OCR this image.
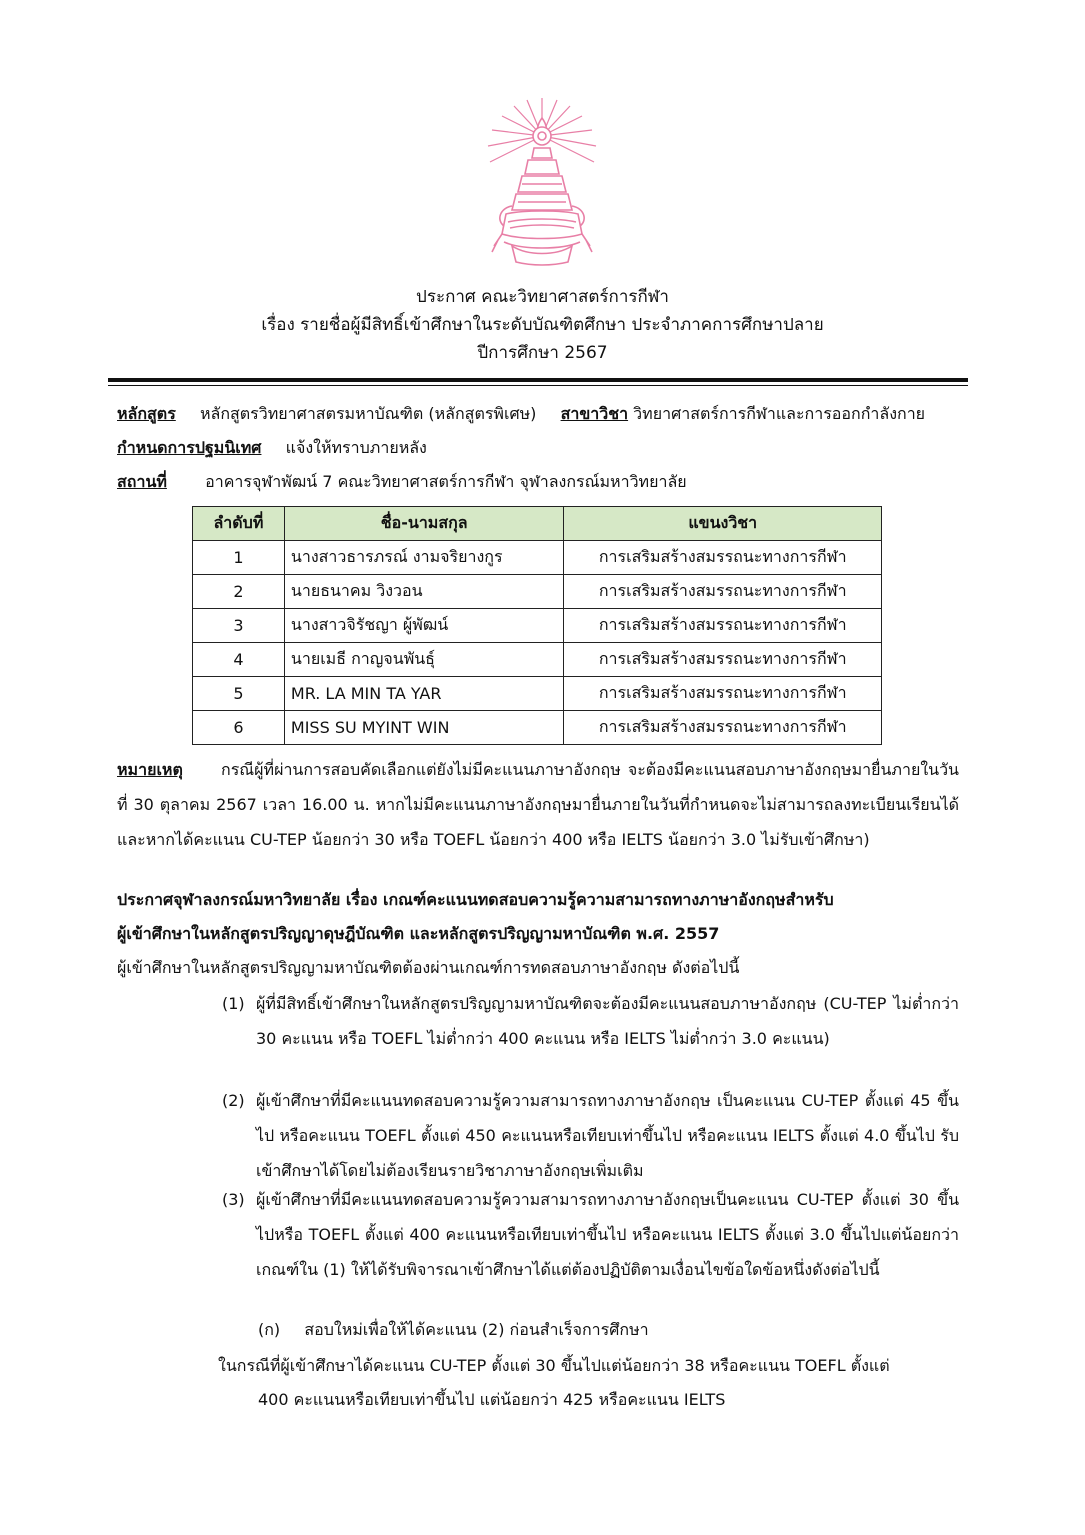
ประกาศ คณะวิทยาศาสตร์การกีฬา
เรื่อง รายชื่อผู้มีสิทธิ์เข้าศึกษาในระดับบัณฑิตศึกษา ประจำภาคการศึกษาปลาย
ปีการศึกษา 2567
หลักสูตร หลักสูตรวิทยาศาสตรมหาบัณฑิต (หลักสูตรพิเศษ) สาขาวิชา วิทยาศาสตร์การกีฬาและการออกกำลังกาย
กำหนดการปฐมนิเทศ แจ้งให้ทราบภายหลัง
สถานที่ อาคารจุฬาพัฒน์ 7 คณะวิทยาศาสตร์การกีฬา จุฬาลงกรณ์มหาวิทยาลัย
ลำดับที่	ชื่อ-นามสกุล	แขนงวิชา
1	นางสาวธารภรณ์ งามจริยางกูร	การเสริมสร้างสมรรถนะทางการกีฬา
2	นายธนาคม วิงวอน	การเสริมสร้างสมรรถนะทางการกีฬา
3	นางสาวจิรัชญา ผู้พัฒน์	การเสริมสร้างสมรรถนะทางการกีฬา
4	นายเมธี กาญจนพันธุ์	การเสริมสร้างสมรรถนะทางการกีฬา
5	MR. LA MIN TA YAR	การเสริมสร้างสมรรถนะทางการกีฬา
6	MISS SU MYINT WIN	การเสริมสร้างสมรรถนะทางการกีฬา
หมายเหตุ กรณีผู้ที่ผ่านการสอบคัดเลือกแต่ยังไม่มีคะแนนภาษาอังกฤษ จะต้องมีคะแนนสอบภาษาอังกฤษมายื่นภายในวันที่ 30 ตุลาคม 2567 เวลา 16.00 น. หากไม่มีคะแนนภาษาอังกฤษมายื่นภายในวันที่กำหนดจะไม่สามารถลงทะเบียนเรียนได้ และหากได้คะแนน CU-TEP น้อยกว่า 30 หรือ TOEFL น้อยกว่า 400 หรือ IELTS น้อยกว่า 3.0 ไม่รับเข้าศึกษา)
ประกาศจุฬาลงกรณ์มหาวิทยาลัย เรื่อง เกณฑ์คะแนนทดสอบความรู้ความสามารถทางภาษาอังกฤษสำหรับ
ผู้เข้าศึกษาในหลักสูตรปริญญาดุษฎีบัณฑิต และหลักสูตรปริญญามหาบัณฑิต พ.ศ. 2557
ผู้เข้าศึกษาในหลักสูตรปริญญามหาบัณฑิตต้องผ่านเกณฑ์การทดสอบภาษาอังกฤษ ดังต่อไปนี้
(1) ผู้ที่มีสิทธิ์เข้าศึกษาในหลักสูตรปริญญามหาบัณฑิตจะต้องมีคะแนนสอบภาษาอังกฤษ (CU-TEP ไม่ต่ำกว่า 30 คะแนน หรือ TOEFL ไม่ต่ำกว่า 400 คะแนน หรือ IELTS ไม่ต่ำกว่า 3.0 คะแนน)
(2) ผู้เข้าศึกษาที่มีคะแนนทดสอบความรู้ความสามารถทางภาษาอังกฤษ เป็นคะแนน CU-TEP ตั้งแต่ 45 ขึ้นไป หรือคะแนน TOEFL ตั้งแต่ 450 คะแนนหรือเทียบเท่าขึ้นไป หรือคะแนน IELTS ตั้งแต่ 4.0 ขึ้นไป รับเข้าศึกษาได้โดยไม่ต้องเรียนรายวิชาภาษาอังกฤษเพิ่มเติม
(3) ผู้เข้าศึกษาที่มีคะแนนทดสอบความรู้ความสามารถทางภาษาอังกฤษเป็นคะแนน CU-TEP ตั้งแต่ 30 ขึ้นไปหรือ TOEFL ตั้งแต่ 400 คะแนนหรือเทียบเท่าขึ้นไป หรือคะแนน IELTS ตั้งแต่ 3.0 ขึ้นไปแต่น้อยกว่าเกณฑ์ใน (1) ให้ได้รับพิจารณาเข้าศึกษาได้แต่ต้องปฏิบัติตามเงื่อนไขข้อใดข้อหนึ่งดังต่อไปนี้
(ก) สอบใหม่เพื่อให้ได้คะแนน (2) ก่อนสำเร็จการศึกษา
ในกรณีที่ผู้เข้าศึกษาได้คะแนน CU-TEP ตั้งแต่ 30 ขึ้นไปแต่น้อยกว่า 38 หรือคะแนน TOEFL ตั้งแต่
400 คะแนนหรือเทียบเท่าขึ้นไป แต่น้อยกว่า 425 หรือคะแนน IELTS
